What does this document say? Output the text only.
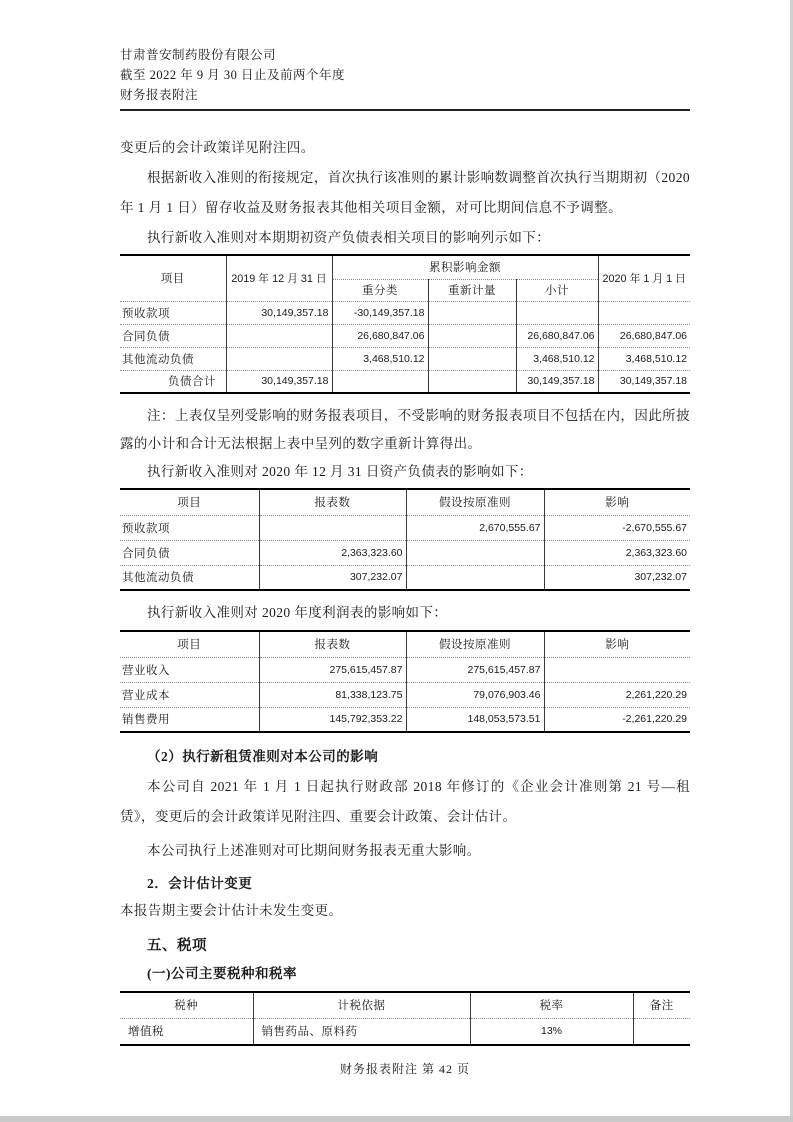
甘肃普安制药股份有限公司
截至 2022 年 9 月 30 日止及前两个年度
财务报表附注

变更后的会计政策详见附注四。

根据新收入准则的衔接规定，首次执行该准则的累计影响数调整首次执行当期期初（2020 年 1 月 1 日）留存收益及财务报表其他相关项目金额，对可比期间信息不予调整。

执行新收入准则对本期期初资产负债表相关项目的影响列示如下：

项目	2019 年 12 月 31 日	累积影响金额			2020 年 1 月 1 日
		重分类	重新计量	小计	
预收款项	30,149,357.18	-30,149,357.18			
合同负债		26,680,847.06		26,680,847.06	26,680,847.06
其他流动负债		3,468,510.12		3,468,510.12	3,468,510.12
负债合计	30,149,357.18			30,149,357.18	30,149,357.18

注：上表仅呈列受影响的财务报表项目，不受影响的财务报表项目不包括在内，因此所披露的小计和合计无法根据上表中呈列的数字重新计算得出。

执行新收入准则对 2020 年 12 月 31 日资产负债表的影响如下：

项目	报表数	假设按原准则	影响
预收款项		2,670,555.67	-2,670,555.67
合同负债	2,363,323.60		2,363,323.60
其他流动负债	307,232.07		307,232.07

执行新收入准则对 2020 年度利润表的影响如下：

项目	报表数	假设按原准则	影响
营业收入	275,615,457.87	275,615,457.87	
营业成本	81,338,123.75	79,076,903.46	2,261,220.29
销售费用	145,792,353.22	148,053,573.51	-2,261,220.29

（2）执行新租赁准则对本公司的影响

本公司自 2021 年 1 月 1 日起执行财政部 2018 年修订的《企业会计准则第 21 号—租赁》，变更后的会计政策详见附注四、重要会计政策、会计估计。

本公司执行上述准则对可比期间财务报表无重大影响。

2．会计估计变更

本报告期主要会计估计未发生变更。

五、税项

(一)公司主要税种和税率

税种	计税依据	税率	备注
增值税	销售药品、原料药	13%	
财务报表附注 第 42 页
